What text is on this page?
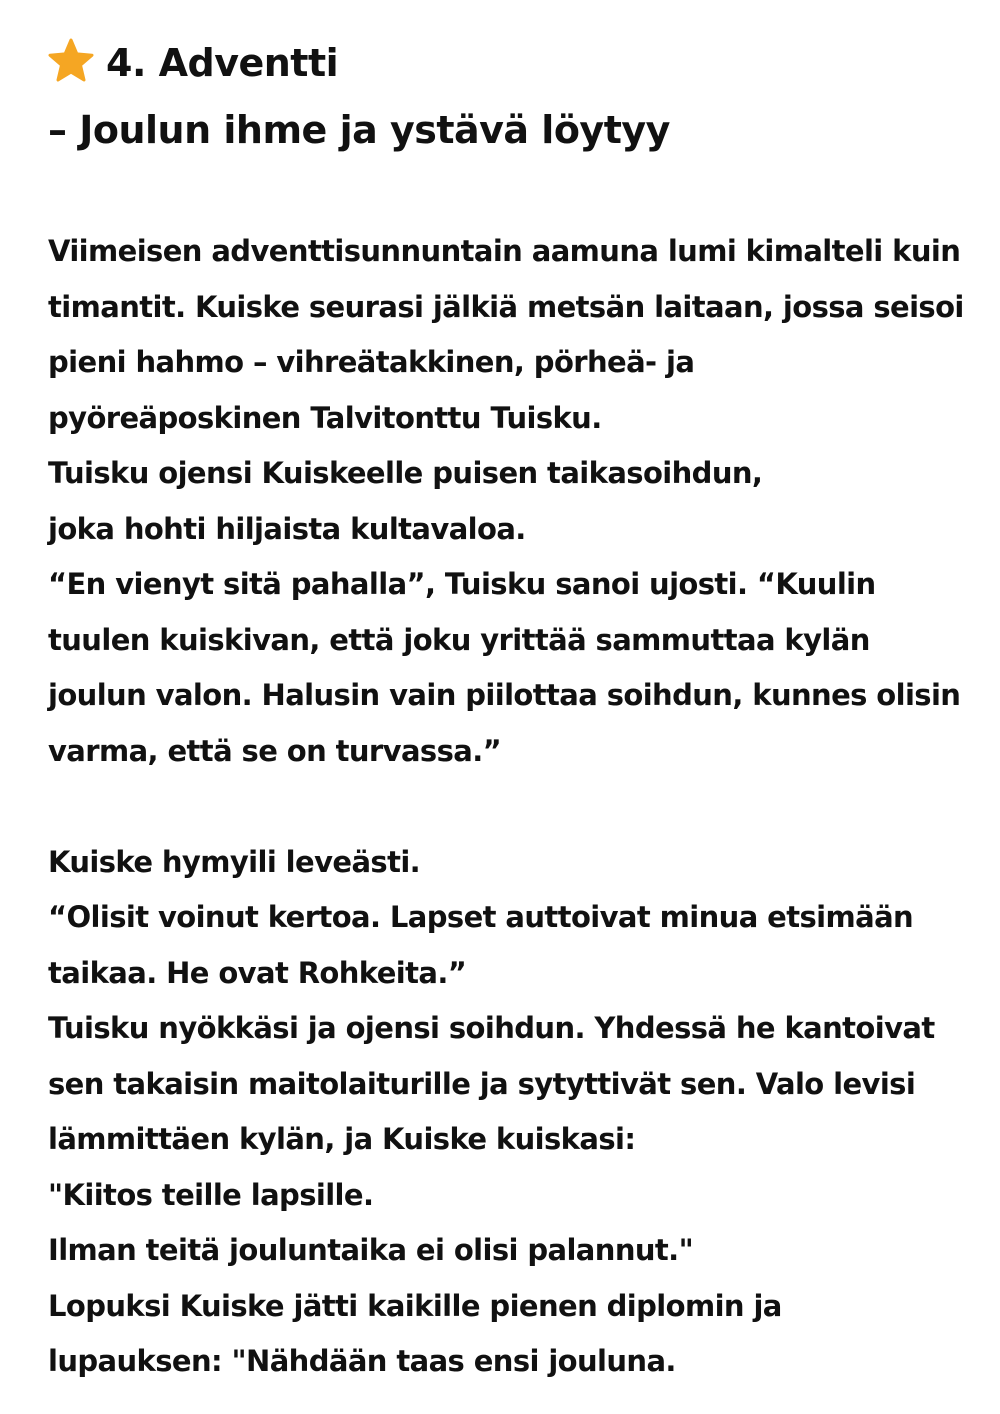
4. Adventti
– Joulun ihme ja ystävä löytyy
Viimeisen adventtisunnuntain aamuna lumi kimalteli kuin
timantit. Kuiske seurasi jälkiä metsän laitaan, jossa seisoi
pieni hahmo – vihreätakkinen, pörheä- ja
pyöreäposkinen Talvitonttu Tuisku.
Tuisku ojensi Kuiskeelle puisen taikasoihdun,
joka hohti hiljaista kultavaloa.
“En vienyt sitä pahalla”, Tuisku sanoi ujosti. “Kuulin
tuulen kuiskivan, että joku yrittää sammuttaa kylän
joulun valon. Halusin vain piilottaa soihdun, kunnes olisin
varma, että se on turvassa.”
Kuiske hymyili leveästi.
“Olisit voinut kertoa. Lapset auttoivat minua etsimään
taikaa. He ovat Rohkeita.”
Tuisku nyökkäsi ja ojensi soihdun. Yhdessä he kantoivat
sen takaisin maitolaiturille ja sytyttivät sen. Valo levisi
lämmittäen kylän, ja Kuiske kuiskasi:
"Kiitos teille lapsille.
Ilman teitä jouluntaika ei olisi palannut."
Lopuksi Kuiske jätti kaikille pienen diplomin ja
lupauksen: "Nähdään taas ensi jouluna.
